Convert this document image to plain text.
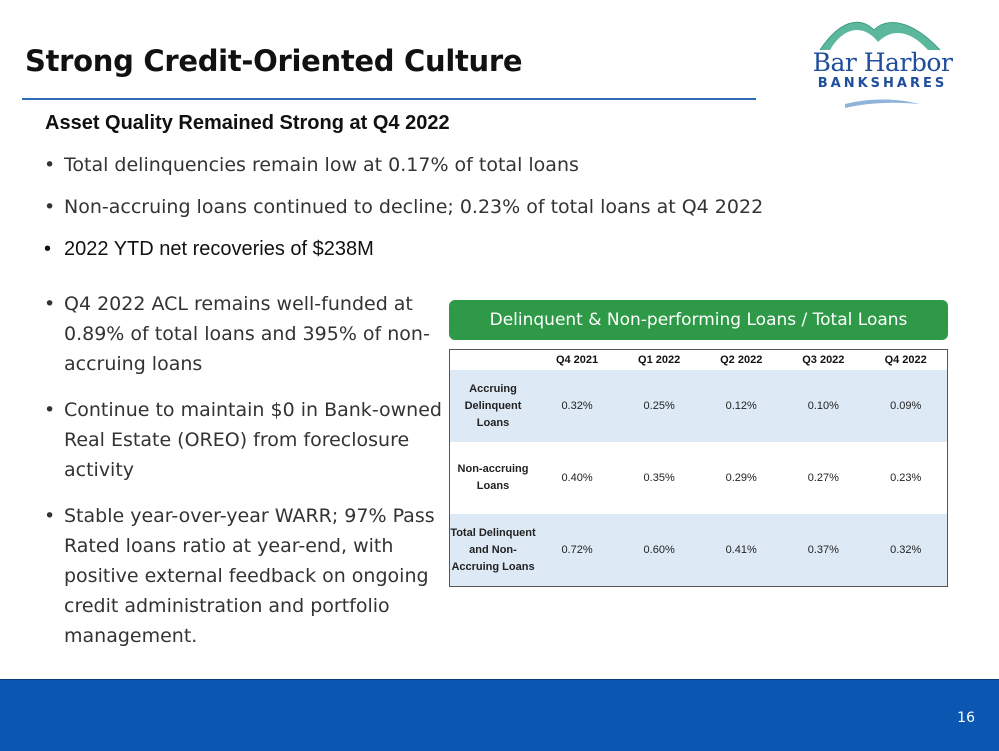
Strong Credit-Oriented Culture	Bar Harbor
BANKSHARES
Asset Quality Remained Strong at Q4 2022
• Total delinquencies remain low at 0.17% of total loans
• Non-accruing loans continued to decline; 0.23% of total loans at Q4 2022
• 2022 YTD net recoveries of $238M
• Q4 2022 ACL remains well-funded at 0.89% of total loans and 395% of non-accruing loans
• Continue to maintain $0 in Bank-owned Real Estate (OREO) from foreclosure activity
• Stable year-over-year WARR; 97% Pass Rated loans ratio at year-end, with positive external feedback on ongoing credit administration and portfolio management.
Delinquent & Non-performing Loans / Total Loans
	Q4 2021	Q1 2022	Q2 2022	Q3 2022	Q4 2022
Accruing Delinquent Loans	0.32%	0.25%	0.12%	0.10%	0.09%
Non-accruing Loans	0.40%	0.35%	0.29%	0.27%	0.23%
Total Delinquent and Non-Accruing Loans	0.72%	0.60%	0.41%	0.37%	0.32%
16
